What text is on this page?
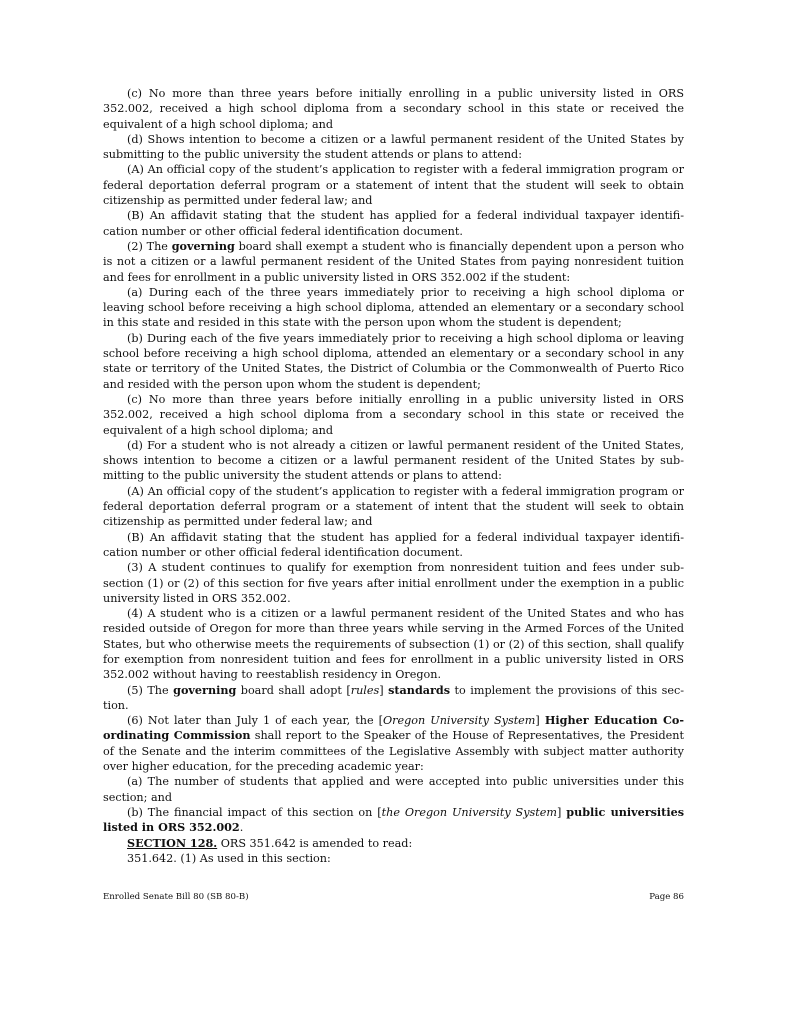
(c) No more than three years before initially enrolling in a public university listed in ORS 352.002, received a high school diploma from a secondary school in this state or received the equivalent of a high school diploma; and

(d) Shows intention to become a citizen or a lawful permanent resident of the United States by submitting to the public university the student attends or plans to attend:

(A) An official copy of the student’s application to register with a federal immigration program or federal deportation deferral program or a statement of intent that the student will seek to obtain citizenship as permitted under federal law; and

(B) An affidavit stating that the student has applied for a federal individual taxpayer identifi-cation number or other official federal identification document.

(2) The governing board shall exempt a student who is financially dependent upon a person who is not a citizen or a lawful permanent resident of the United States from paying nonresident tuition and fees for enrollment in a public university listed in ORS 352.002 if the student:

(a) During each of the three years immediately prior to receiving a high school diploma or leaving school before receiving a high school diploma, attended an elementary or a secondary school in this state and resided in this state with the person upon whom the student is dependent;

(b) During each of the five years immediately prior to receiving a high school diploma or leaving school before receiving a high school diploma, attended an elementary or a secondary school in any state or territory of the United States, the District of Columbia or the Commonwealth of Puerto Rico and resided with the person upon whom the student is dependent;

(c) No more than three years before initially enrolling in a public university listed in ORS 352.002, received a high school diploma from a secondary school in this state or received the equivalent of a high school diploma; and

(d) For a student who is not already a citizen or lawful permanent resident of the United States, shows intention to become a citizen or a lawful permanent resident of the United States by sub-mitting to the public university the student attends or plans to attend:

(A) An official copy of the student’s application to register with a federal immigration program or federal deportation deferral program or a statement of intent that the student will seek to obtain citizenship as permitted under federal law; and

(B) An affidavit stating that the student has applied for a federal individual taxpayer identifi-cation number or other official federal identification document.

(3) A student continues to qualify for exemption from nonresident tuition and fees under sub-section (1) or (2) of this section for five years after initial enrollment under the exemption in a public university listed in ORS 352.002.

(4) A student who is a citizen or a lawful permanent resident of the United States and who has resided outside of Oregon for more than three years while serving in the Armed Forces of the United States, but who otherwise meets the requirements of subsection (1) or (2) of this section, shall qualify for exemption from nonresident tuition and fees for enrollment in a public university listed in ORS 352.002 without having to reestablish residency in Oregon.

(5) The governing board shall adopt [rules] standards to implement the provisions of this sec-tion.

(6) Not later than July 1 of each year, the [Oregon University System] Higher Education Co-ordinating Commission shall report to the Speaker of the House of Representatives, the President of the Senate and the interim committees of the Legislative Assembly with subject matter authority over higher education, for the preceding academic year:

(a) The number of students that applied and were accepted into public universities under this section; and

(b) The financial impact of this section on [the Oregon University System] public universities listed in ORS 352.002.

SECTION 128. ORS 351.642 is amended to read:

351.642. (1) As used in this section:

Enrolled Senate Bill 80 (SB 80-B)	Page 86
